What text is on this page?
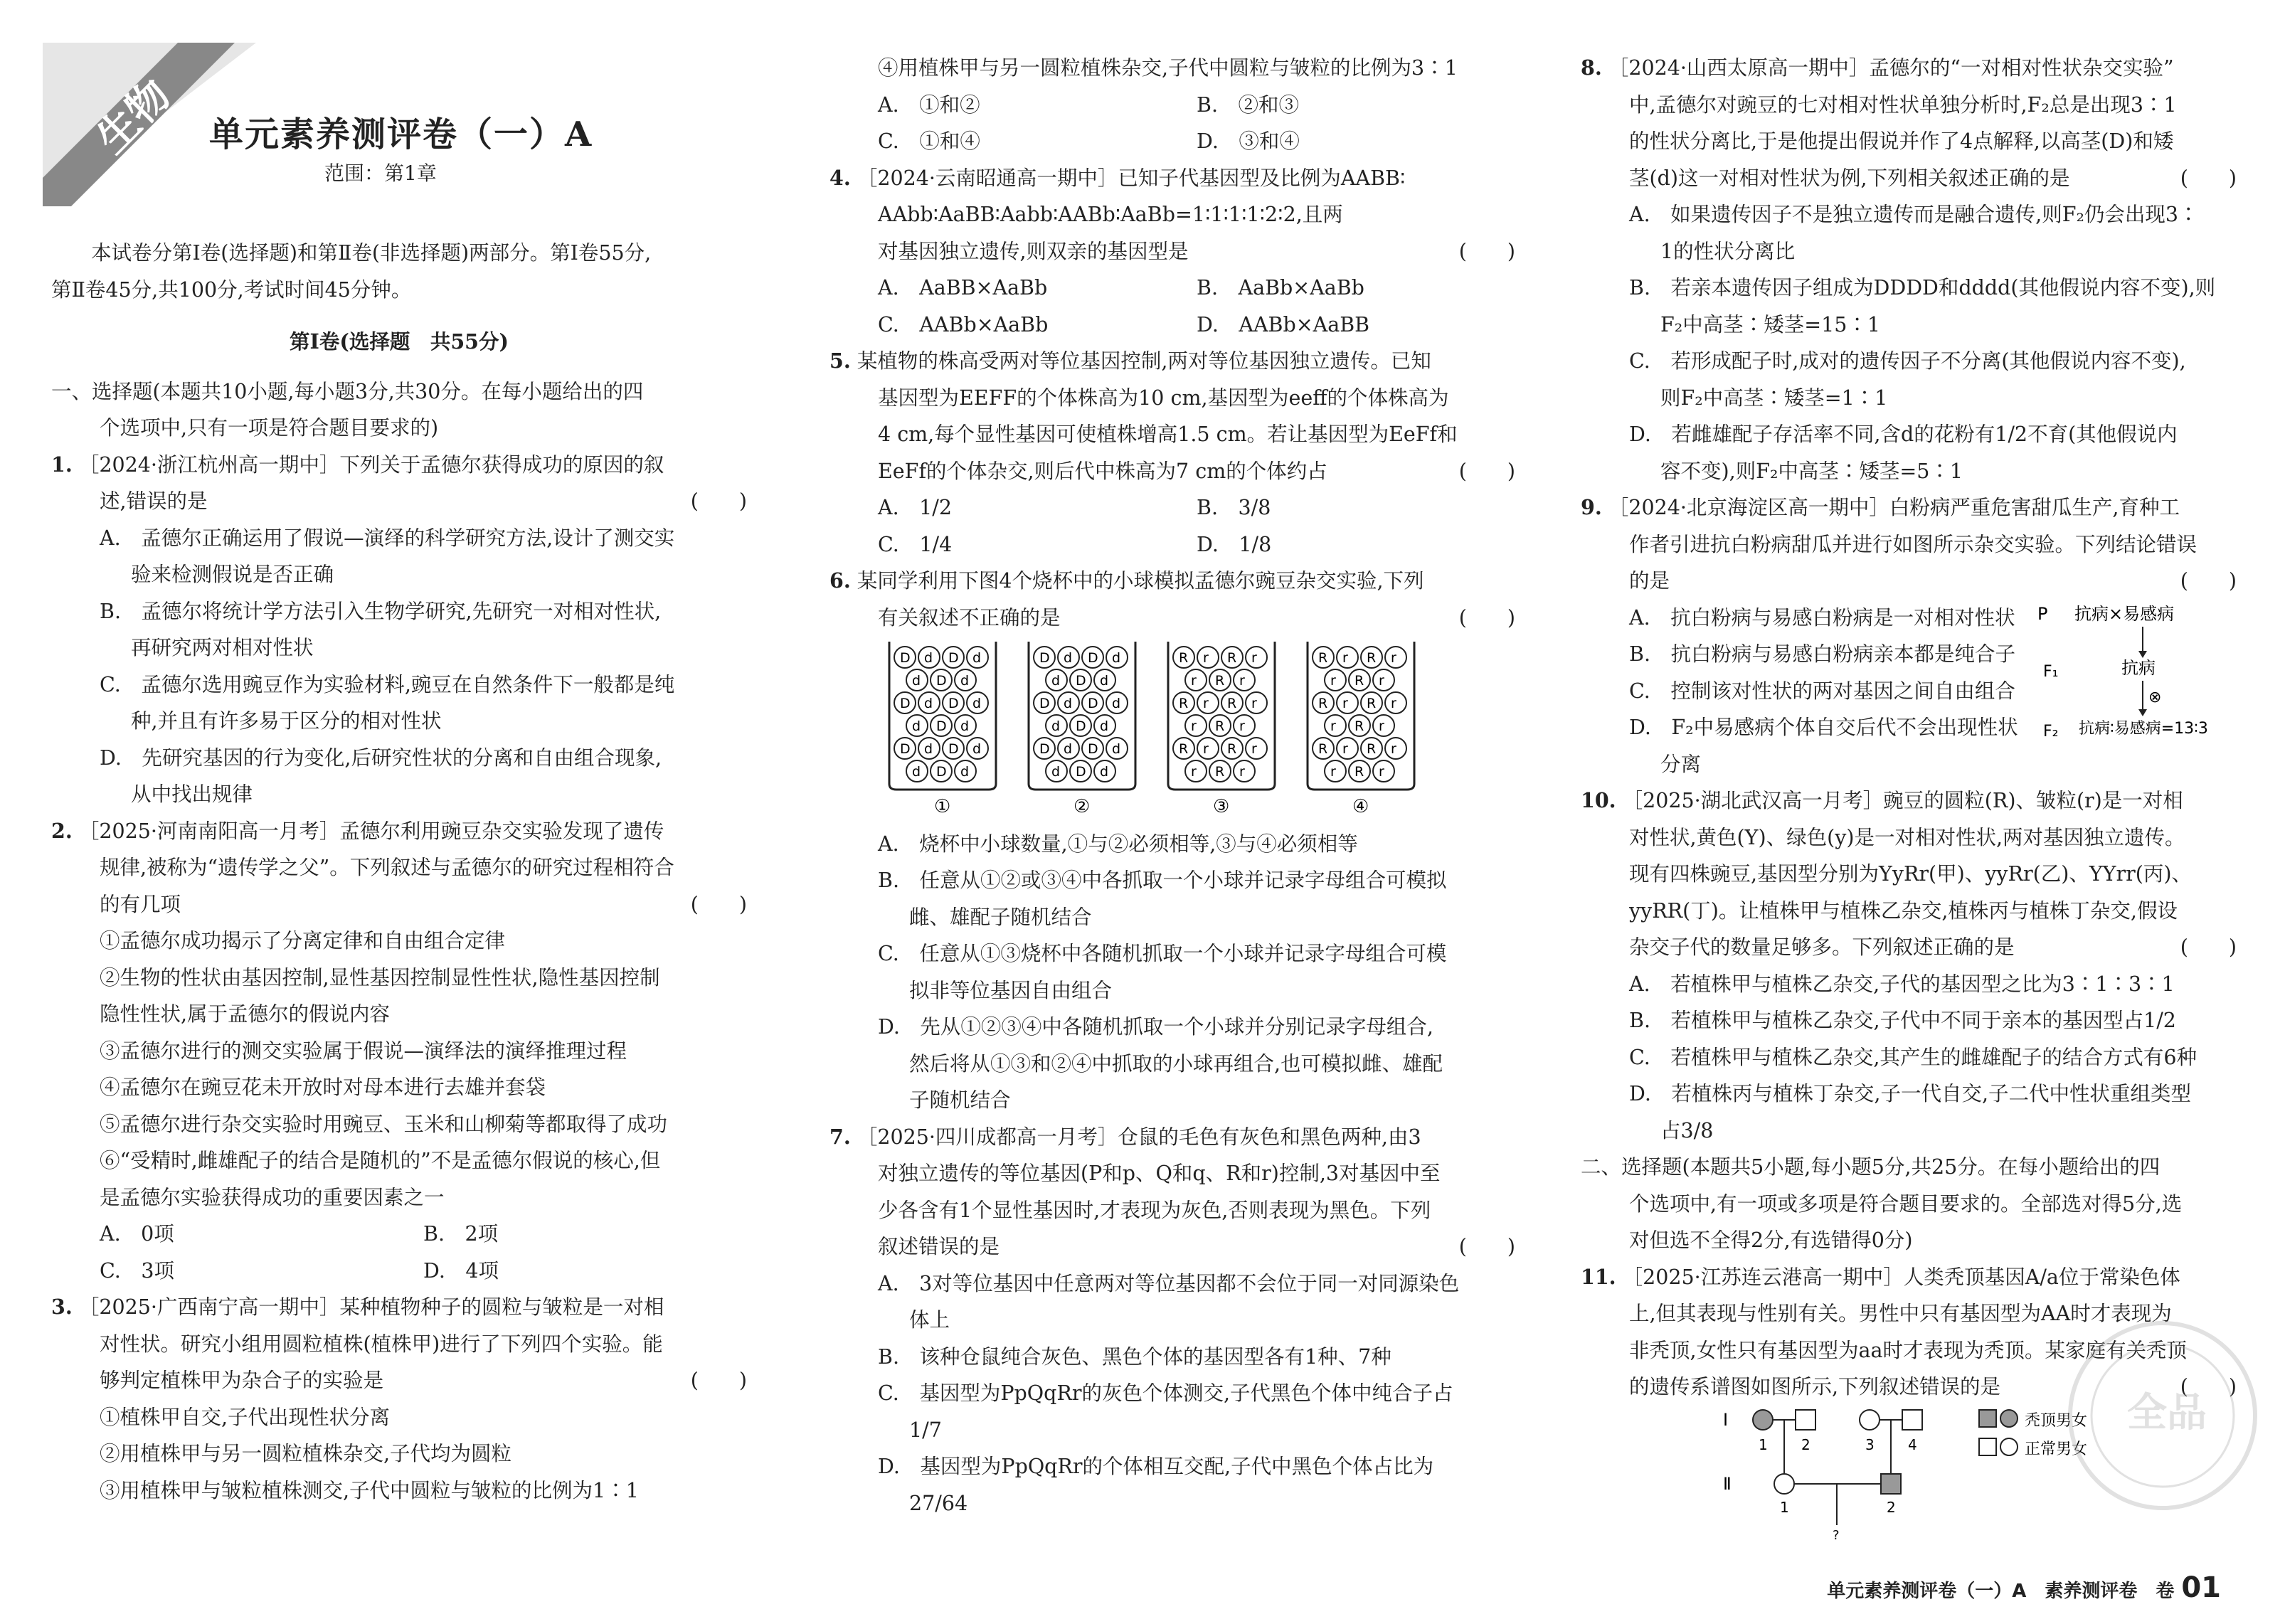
生物 单元素养测评卷（一）A
范围：第1章

本试卷分第Ⅰ卷(选择题)和第Ⅱ卷(非选择题)两部分。第Ⅰ卷55分,

第Ⅱ卷45分,共100分,考试时间45分钟。

第Ⅰ卷(选择题　共55分)

一、选择题(本题共10小题,每小题3分,共30分。在每小题给出的四

个选项中,只有一项是符合题目要求的)

1. ［2024·浙江杭州高一期中］下列关于孟德尔获得成功的原因的叙

述,错误的是	(　　)

A.　孟德尔正确运用了假说—演绎的科学研究方法,设计了测交实

验来检测假说是否正确

B.　孟德尔将统计学方法引入生物学研究,先研究一对相对性状,

再研究两对相对性状

C.　孟德尔选用豌豆作为实验材料,豌豆在自然条件下一般都是纯

种,并且有许多易于区分的相对性状

D.　先研究基因的行为变化,后研究性状的分离和自由组合现象,

从中找出规律

2. ［2025·河南南阳高一月考］孟德尔利用豌豆杂交实验发现了遗传

规律,被称为“遗传学之父”。下列叙述与孟德尔的研究过程相符合

的有几项	(　　)

①孟德尔成功揭示了分离定律和自由组合定律

②生物的性状由基因控制,显性基因控制显性性状,隐性基因控制

隐性性状,属于孟德尔的假说内容

③孟德尔进行的测交实验属于假说—演绎法的演绎推理过程

④孟德尔在豌豆花未开放时对母本进行去雄并套袋

⑤孟德尔进行杂交实验时用豌豆、玉米和山柳菊等都取得了成功

⑥“受精时,雌雄配子的结合是随机的”不是孟德尔假说的核心,但

是孟德尔实验获得成功的重要因素之一

A.　0项	B.　2项
C.　3项	D.　4项

3. ［2025·广西南宁高一期中］某种植物种子的圆粒与皱粒是一对相

对性状。研究小组用圆粒植株(植株甲)进行了下列四个实验。能

够判定植株甲为杂合子的实验是	(　　)

①植株甲自交,子代出现性状分离

②用植株甲与另一圆粒植株杂交,子代均为圆粒

③用植株甲与皱粒植株测交,子代中圆粒与皱粒的比例为1∶1

④用植株甲与另一圆粒植株杂交,子代中圆粒与皱粒的比例为3∶1

A.　①和②	B.　②和③
C.　①和④	D.　③和④

4. ［2024·云南昭通高一期中］已知子代基因型及比例为AABB∶

AAbb∶AaBB∶Aabb∶AABb∶AaBb=1∶1∶1∶1∶2∶2,且两

对基因独立遗传,则双亲的基因型是	(　　)

A.　AaBB×AaBb	B.　AaBb×AaBb
C.　AABb×AaBb	D.　AABb×AaBB

5. 某植物的株高受两对等位基因控制,两对等位基因独立遗传。已知

基因型为EEFF的个体株高为10 cm,基因型为eeff的个体株高为

4 cm,每个显性基因可使植株增高1.5 cm。若让基因型为EeFf和

EeFf的个体杂交,则后代中株高为7 cm的个体约占	(　　)

A.　1/2	B.　3/8
C.　1/4	D.　1/8

6. 某同学利用下图4个烧杯中的小球模拟孟德尔豌豆杂交实验,下列

有关叙述不正确的是	(　　)

D d D d
d D d
D d D d
d D d
D d D d
d D d
①
D d D d
d D d
D d D d
d D d
D d D d
d D d
②
R r R r
r R r
R r R r
r R r
R r R r
r R r
③
R r R r
r R r
R r R r
r R r
R r R r
r R r
④

A.　烧杯中小球数量,①与②必须相等,③与④必须相等

B.　任意从①②或③④中各抓取一个小球并记录字母组合可模拟

雌、雄配子随机结合

C.　任意从①③烧杯中各随机抓取一个小球并记录字母组合可模

拟非等位基因自由组合

D.　先从①②③④中各随机抓取一个小球并分别记录字母组合,

然后将从①③和②④中抓取的小球再组合,也可模拟雌、雄配

子随机结合

7. ［2025·四川成都高一月考］仓鼠的毛色有灰色和黑色两种,由3

对独立遗传的等位基因(P和p、Q和q、R和r)控制,3对基因中至

少各含有1个显性基因时,才表现为灰色,否则表现为黑色。下列

叙述错误的是	(　　)

A.　3对等位基因中任意两对等位基因都不会位于同一对同源染色

体上

B.　该种仓鼠纯合灰色、黑色个体的基因型各有1种、7种

C.　基因型为PpQqRr的灰色个体测交,子代黑色个体中纯合子占

1/7

D.　基因型为PpQqRr的个体相互交配,子代中黑色个体占比为

27/64

8. ［2024·山西太原高一期中］孟德尔的“一对相对性状杂交实验”

中,孟德尔对豌豆的七对相对性状单独分析时,F₂总是出现3∶1

的性状分离比,于是他提出假说并作了4点解释,以高茎(D)和矮

茎(d)这一对相对性状为例,下列相关叙述正确的是	(　　)

A.　如果遗传因子不是独立遗传而是融合遗传,则F₂仍会出现3∶

1的性状分离比

B.　若亲本遗传因子组成为DDDD和dddd(其他假说内容不变),则

F₂中高茎∶矮茎=15∶1

C.　若形成配子时,成对的遗传因子不分离(其他假说内容不变),

则F₂中高茎∶矮茎=1∶1

D.　若雌雄配子存活率不同,含d的花粉有1/2不育(其他假说内

容不变),则F₂中高茎∶矮茎=5∶1

9. ［2024·北京海淀区高一期中］白粉病严重危害甜瓜生产,育种工

作者引进抗白粉病甜瓜并进行如图所示杂交实验。下列结论错误

的是	(　　)

A.　抗白粉病与易感白粉病是一对相对性状

B.　抗白粉病与易感白粉病亲本都是纯合子

C.　控制该对性状的两对基因之间自由组合

D.　F₂中易感病个体自交后代不会出现性状

分离

P 抗病×易感病
F₁	抗病
⊗
F₂ 抗病∶易感病=13∶3

10. ［2025·湖北武汉高一月考］豌豆的圆粒(R)、皱粒(r)是一对相

对性状,黄色(Y)、绿色(y)是一对相对性状,两对基因独立遗传。

现有四株豌豆,基因型分别为YyRr(甲)、yyRr(乙)、YYrr(丙)、

yyRR(丁)。让植株甲与植株乙杂交,植株丙与植株丁杂交,假设

杂交子代的数量足够多。下列叙述正确的是	(　　)

A.　若植株甲与植株乙杂交,子代的基因型之比为3∶1∶3∶1

B.　若植株甲与植株乙杂交,子代中不同于亲本的基因型占1/2

C.　若植株甲与植株乙杂交,其产生的雌雄配子的结合方式有6种

D.　若植株丙与植株丁杂交,子一代自交,子二代中性状重组类型

占3/8

二、选择题(本题共5小题,每小题5分,共25分。在每小题给出的四

个选项中,有一项或多项是符合题目要求的。全部选对得5分,选

对但选不全得2分,有选错得0分)

11. ［2025·江苏连云港高一期中］人类秃顶基因A/a位于常染色体

上,但其表现与性别有关。男性中只有基因型为AA时才表现为

非秃顶,女性只有基因型为aa时才表现为秃顶。某家庭有关秃顶

的遗传系谱图如图所示,下列叙述错误的是	(　　)

Ⅰ
Ⅱ
1 2	3 4
1	2
?
秃顶男女
正常男女
全品
单元素养测评卷（一）A　素养测评卷　卷 01
